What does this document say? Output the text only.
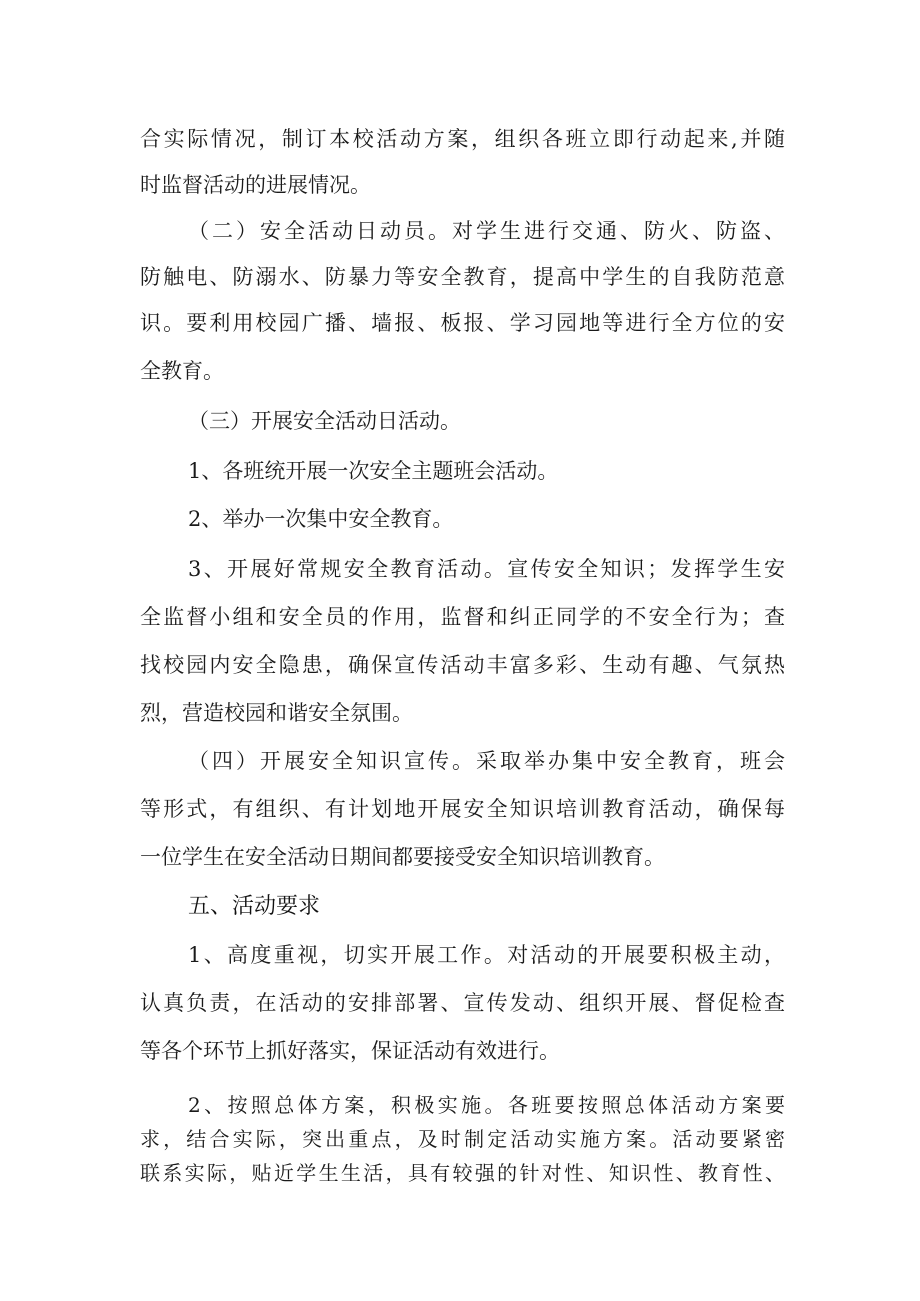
合实际情况，制订本校活动方案，组织各班立即行动起来,并随
时监督活动的进展情况。
（二）安全活动日动员。对学生进行交通、防火、防盗、
防触电、防溺水、防暴力等安全教育，提高中学生的自我防范意
识。要利用校园广播、墙报、板报、学习园地等进行全方位的安
全教育。
（三）开展安全活动日活动。
1、各班统开展一次安全主题班会活动。
2、举办一次集中安全教育。
3、开展好常规安全教育活动。宣传安全知识；发挥学生安
全监督小组和安全员的作用，监督和纠正同学的不安全行为；查
找校园内安全隐患，确保宣传活动丰富多彩、生动有趣、气氛热
烈，营造校园和谐安全氛围。
（四）开展安全知识宣传。采取举办集中安全教育，班会
等形式，有组织、有计划地开展安全知识培训教育活动，确保每
一位学生在安全活动日期间都要接受安全知识培训教育。
五、活动要求
1、高度重视，切实开展工作。对活动的开展要积极主动，
认真负责，在活动的安排部署、宣传发动、组织开展、督促检查
等各个环节上抓好落实，保证活动有效进行。
2、按照总体方案，积极实施。各班要按照总体活动方案要
求，结合实际，突出重点，及时制定活动实施方案。活动要紧密
联系实际，贴近学生生活，具有较强的针对性、知识性、教育性、
